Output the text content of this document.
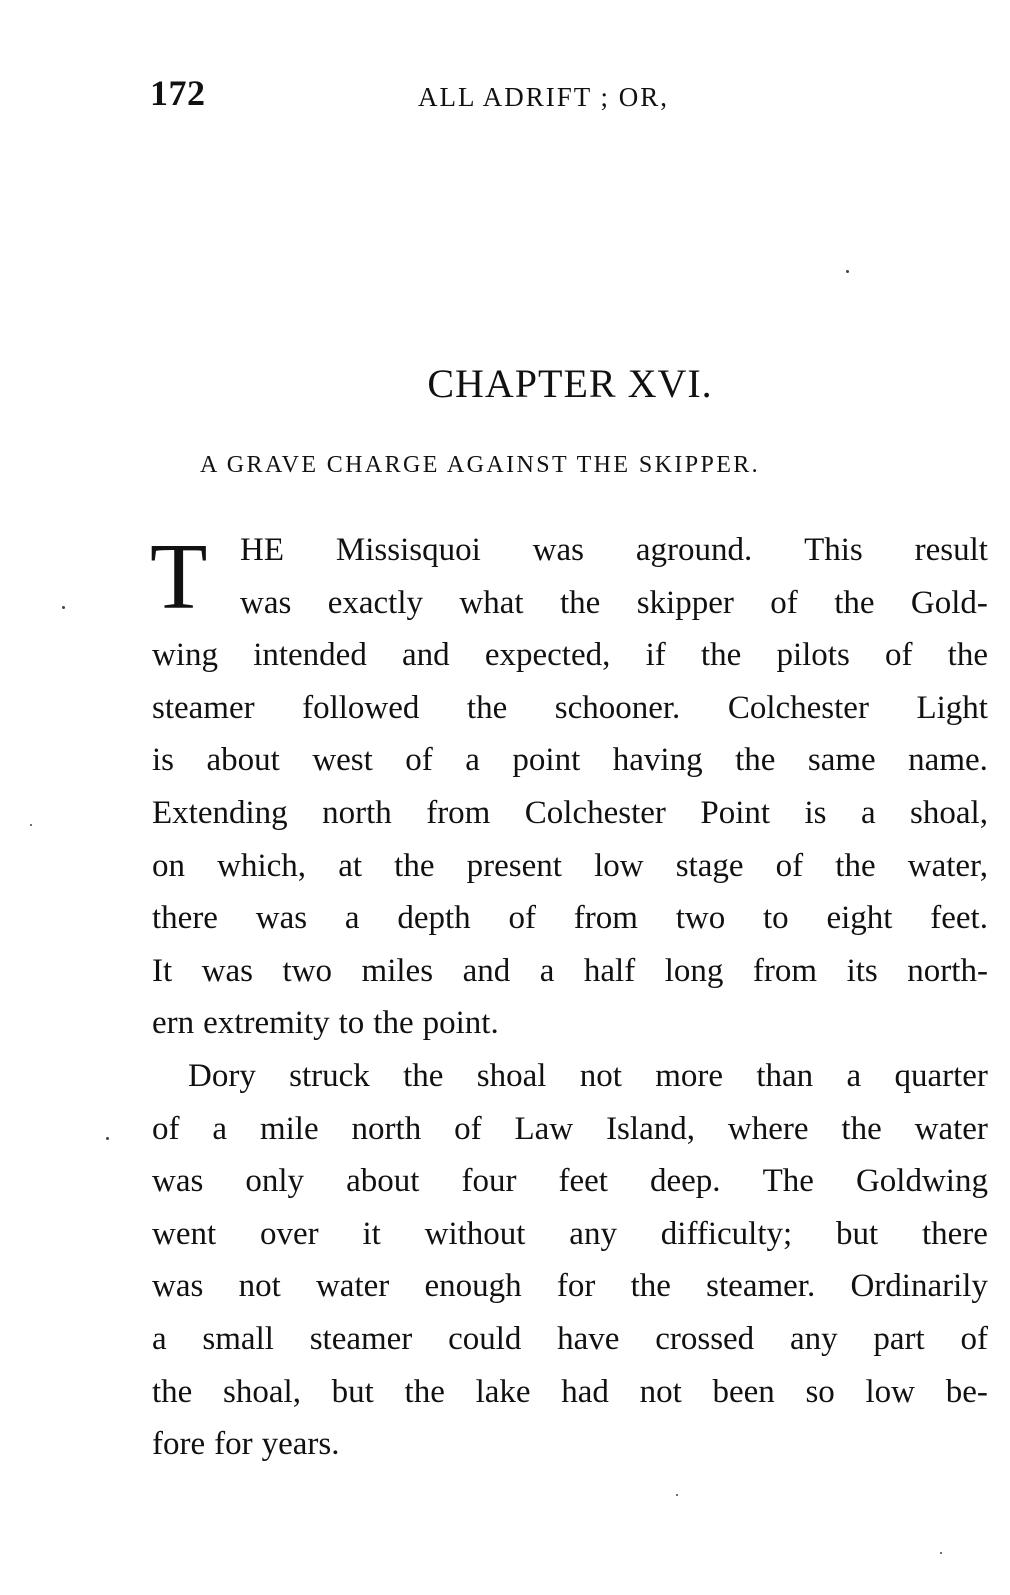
172	ALL ADRIFT ; OR,
CHAPTER XVI.
A GRAVE CHARGE AGAINST THE SKIPPER.
T HE Missisquoi was aground. This result
was exactly what the skipper of the Gold-
wing intended and expected, if the pilots of the
steamer followed the schooner. Colchester Light
is about west of a point having the same name.
Extending north from Colchester Point is a shoal,
on which, at the present low stage of the water,
there was a depth of from two to eight feet.
It was two miles and a half long from its north-
ern extremity to the point.
Dory struck the shoal not more than a quarter
of a mile north of Law Island, where the water
was only about four feet deep. The Goldwing
went over it without any difficulty; but there
was not water enough for the steamer. Ordinarily
a small steamer could have crossed any part of
the shoal, but the lake had not been so low be-
fore for years.
